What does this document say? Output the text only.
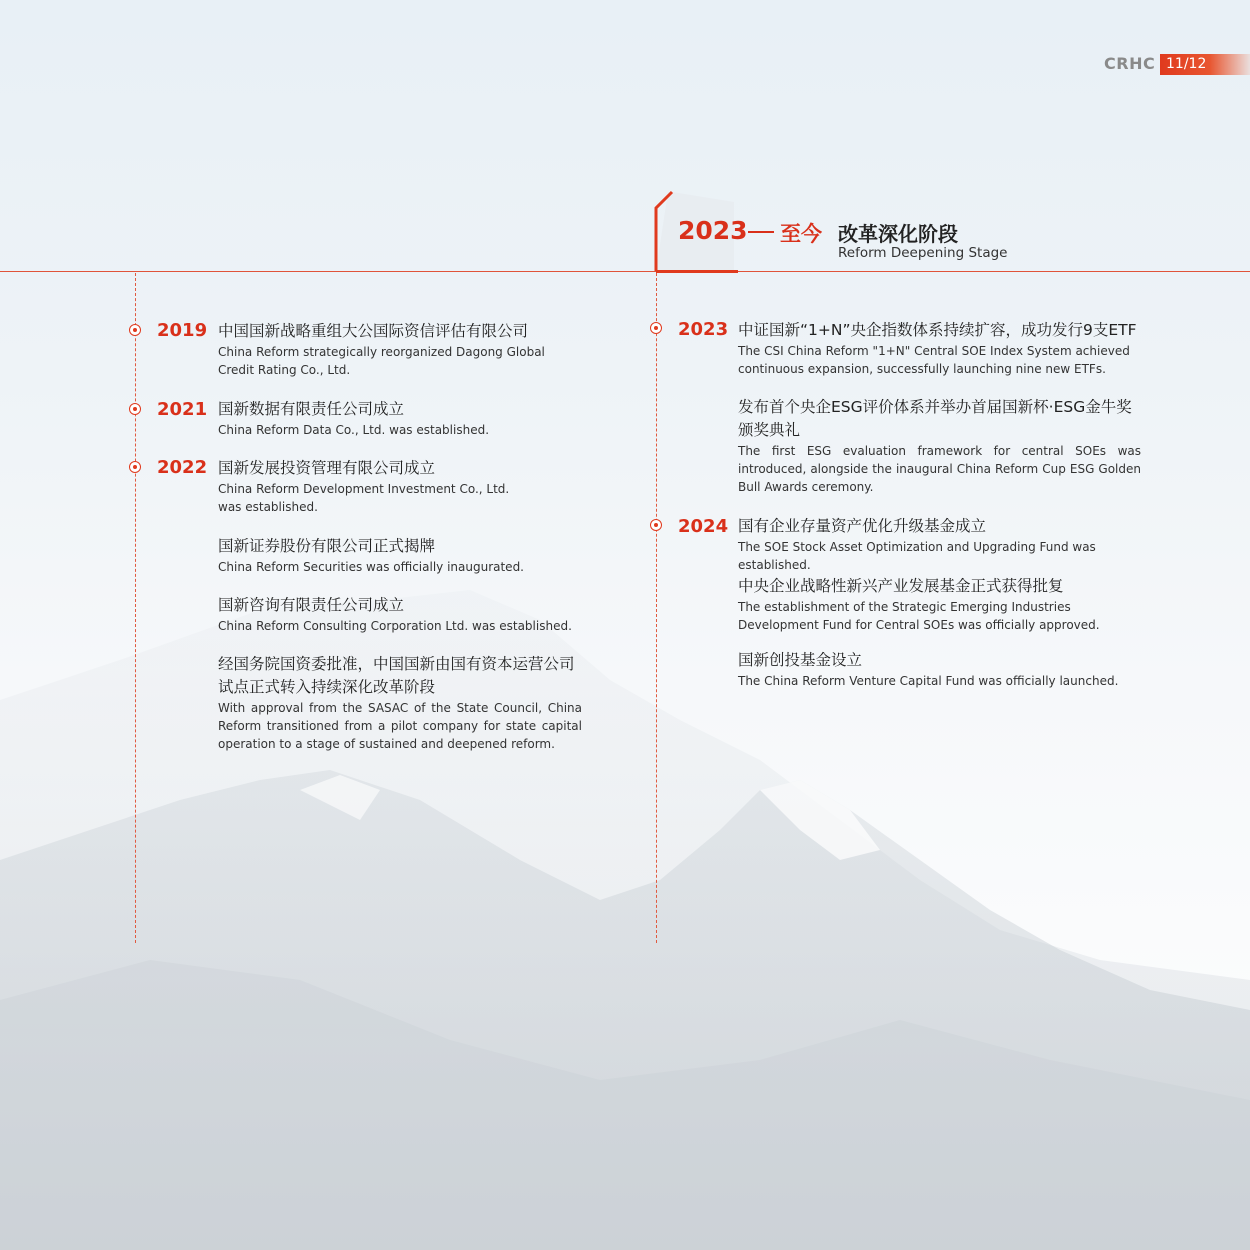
CRHC 11/12
2023 至今 改革深化阶段
Reform Deepening Stage
2019 中国国新战略重组大公国际资信评估有限公司
China Reform strategically reorganized Dagong Global Credit Rating Co., Ltd.
2021 国新数据有限责任公司成立
China Reform Data Co., Ltd. was established.
2022 国新发展投资管理有限公司成立
China Reform Development Investment Co., Ltd. was established.
国新证券股份有限公司正式揭牌
China Reform Securities was officially inaugurated.
国新咨询有限责任公司成立
China Reform Consulting Corporation Ltd. was established.
经国务院国资委批准，中国国新由国有资本运营公司试点正式转入持续深化改革阶段
With approval from the SASAC of the State Council, China Reform transitioned from a pilot company for state capital operation to a stage of sustained and deepened reform.
2023 中证国新“1+N”央企指数体系持续扩容，成功发行9支ETF
The CSI China Reform "1+N" Central SOE Index System achieved continuous expansion, successfully launching nine new ETFs.
发布首个央企ESG评价体系并举办首届国新杯·ESG金牛奖颁奖典礼
The first ESG evaluation framework for central SOEs was introduced, alongside the inaugural China Reform Cup ESG Golden Bull Awards ceremony.
2024 国有企业存量资产优化升级基金成立
The SOE Stock Asset Optimization and Upgrading Fund was established.
中央企业战略性新兴产业发展基金正式获得批复
The establishment of the Strategic Emerging Industries Development Fund for Central SOEs was officially approved.
国新创投基金设立
The China Reform Venture Capital Fund was officially launched.
